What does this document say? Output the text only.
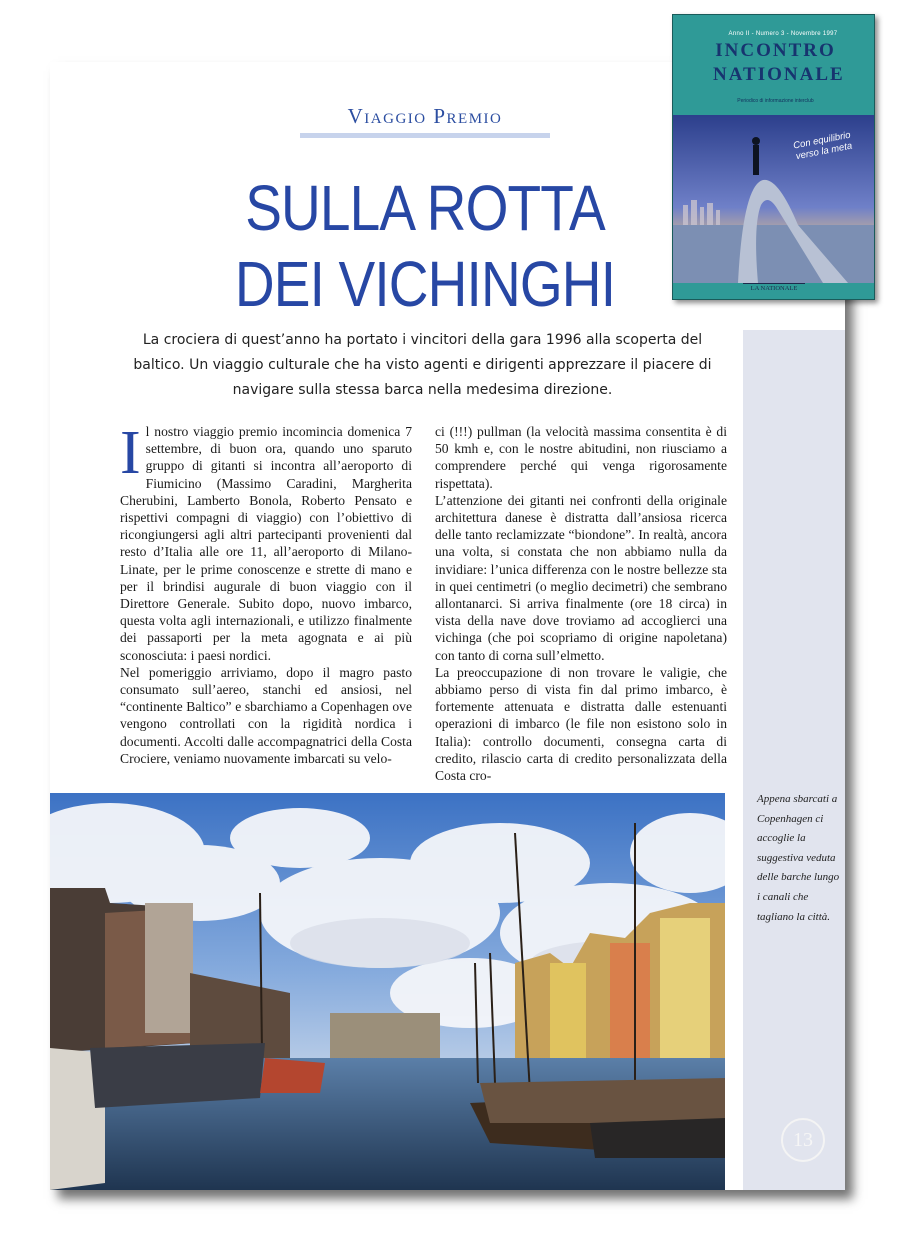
Viaggio Premio
SULLA ROTTA
DEI VICHINGHI
La crociera di quest’anno ha portato i vincitori della gara 1996 alla scoperta del baltico. Un viaggio culturale che ha visto agenti e dirigenti apprezzare il piacere di navigare sulla stessa barca nella medesima direzione.

Il nostro viaggio premio incomincia domenica 7 settembre, di buon ora, quando uno sparuto gruppo di gitanti si incontra all’aeroporto di Fiumicino (Massimo Caradini, Margherita Cherubini, Lamberto Bonola, Roberto Pensato e rispettivi compagni di viaggio) con l’obiettivo di ricongiungersi agli altri partecipanti provenienti dal resto d’Italia alle ore 11, all’aeroporto di Milano-Linate, per le prime conoscenze e strette di mano e per il brindisi augurale di buon viaggio con il Direttore Generale. Subito dopo, nuovo imbarco, questa volta agli internazionali, e utilizzo finalmente dei passaporti per la meta agognata e ai più sconosciuta: i paesi nordici.

Nel pomeriggio arriviamo, dopo il magro pasto consumato sull’aereo, stanchi ed ansiosi, nel “continente Baltico” e sbarchiamo a Copenhagen ove vengono controllati con la rigidità nordica i documenti. Accolti dalle accompagnatrici della Costa Crociere, veniamo nuovamente imbarcati su velo-

ci (!!!) pullman (la velocità massima consentita è di 50 kmh e, con le nostre abitudini, non riusciamo a comprendere perché qui venga rigorosamente rispettata).

L’attenzione dei gitanti nei confronti della originale architettura danese è distratta dall’ansiosa ricerca delle tanto reclamizzate “biondone”. In realtà, ancora una volta, si constata che non abbiamo nulla da invidiare: l’unica differenza con le nostre bellezze sta in quei centimetri (o meglio decimetri) che sembrano allontanarci. Si arriva finalmente (ore 18 circa) in vista della nave dove troviamo ad accoglierci una vichinga (che poi scopriamo di origine napoletana) con tanto di corna sull’elmetto.

La preoccupazione di non trovare le valigie, che abbiamo perso di vista fin dal primo imbarco, è fortemente attenuata e distratta dalle estenuanti operazioni di imbarco (le file non esistono solo in Italia): controllo documenti, consegna carta di credito, rilascio carta di credito personalizzata della Costa cro-

Appena sbarcati a Copenhagen ci accoglie la suggestiva veduta delle barche lungo i canali che tagliano la città.
13
Anno II - Numero 3 - Novembre 1997
INCONTRO
NATIONALE
Periodico di informazione interclub
Con equilibrio verso la meta
LA NATIONALE
